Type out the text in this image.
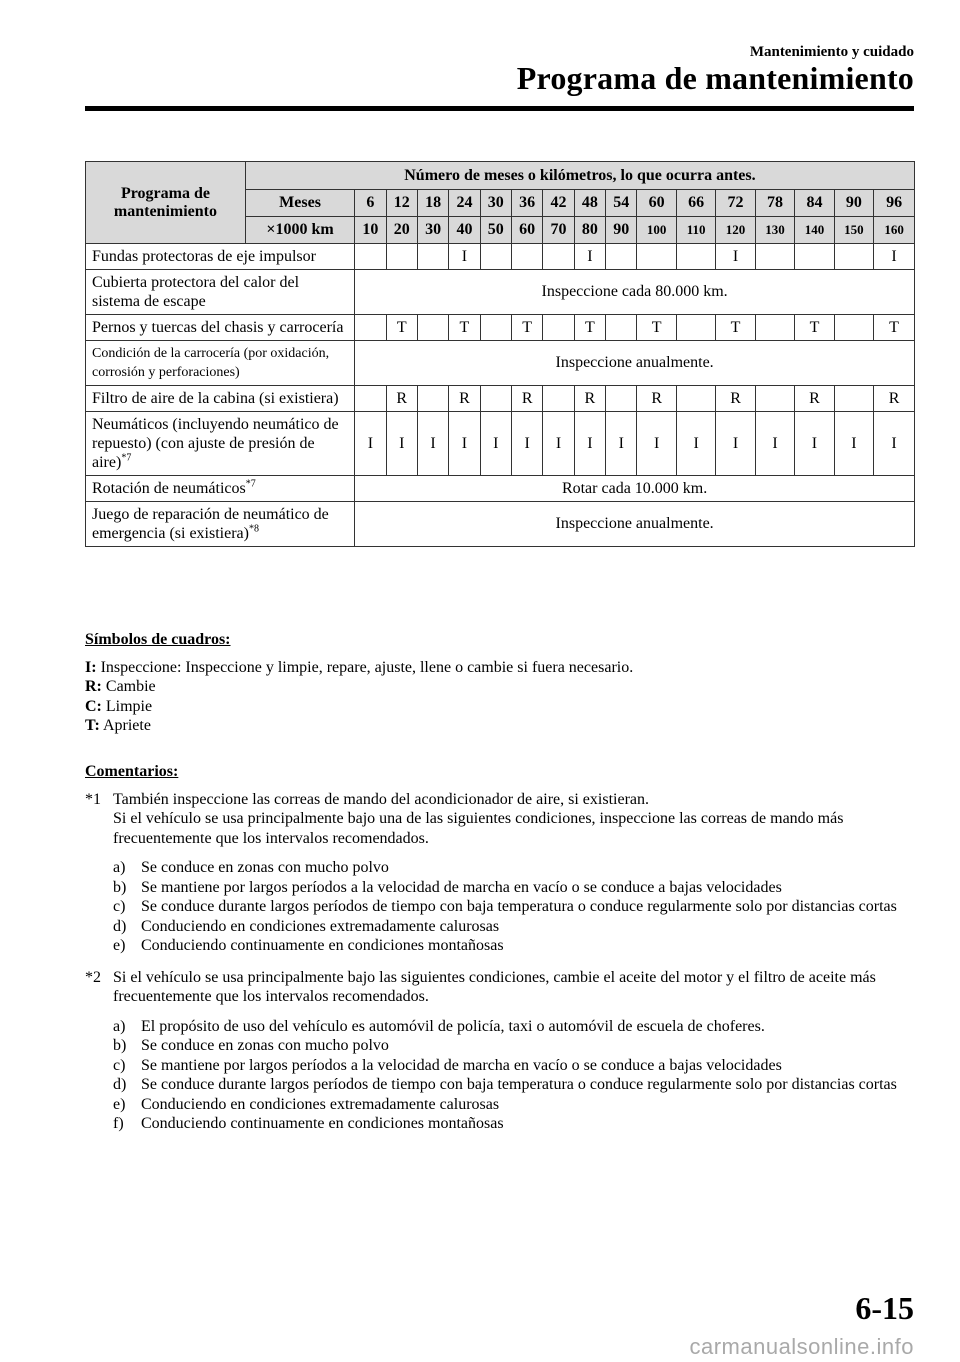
Mantenimiento y cuidado
Programa de mantenimiento
Programa de mantenimiento	Número de meses o kilómetros, lo que ocurra antes.																
	Meses	6	12	18	24	30	36	42	48	54	60	66	72	78	84	90	96
	×1000 km	10	20	30	40	50	60	70	80	90	100	110	120	130	140	150	160
Fundas protectoras de eje impulsor					I				I				I				I
Cubierta protectora del calor del sistema de escape		Inspeccione cada 80.000 km.															
Pernos y tuercas del chasis y carrocería			T		T		T		T		T		T		T		T
Condición de la carrocería (por oxidación, corrosión y perforaciones)		Inspeccione anualmente.															
Filtro de aire de la cabina (si existiera)			R		R		R		R		R		R		R		R
Neumáticos (incluyendo neumático de repuesto) (con ajuste de presión de aire)$^{*7}$		I	I	I	I	I	I	I	I	I	I	I	I	I	I	I	I
Rotación de neumáticos$^{*7}$		Rotar cada 10.000 km.															
Juego de reparación de neumático de emergencia (si existiera)$^{*8}$		Inspeccione anualmente.															
Símbolos de cuadros:
I: Inspeccione: Inspeccione y limpie, repare, ajuste, llene o cambie si fuera necesario.
R: Cambie
C: Limpie
T: Apriete
Comentarios:
*1 También inspeccione las correas de mando del acondicionador de aire, si existieran.
Si el vehículo se usa principalmente bajo una de las siguientes condiciones, inspeccione las correas de mando más frecuentemente que los intervalos recomendados.
a) Se conduce en zonas con mucho polvo
b) Se mantiene por largos períodos a la velocidad de marcha en vacío o se conduce a bajas velocidades
c) Se conduce durante largos períodos de tiempo con baja temperatura o conduce regularmente solo por distancias cortas
d) Conduciendo en condiciones extremadamente calurosas
e) Conduciendo continuamente en condiciones montañosas
*2 Si el vehículo se usa principalmente bajo las siguientes condiciones, cambie el aceite del motor y el filtro de aceite más frecuentemente que los intervalos recomendados.
a) El propósito de uso del vehículo es automóvil de policía, taxi o automóvil de escuela de choferes.
b) Se conduce en zonas con mucho polvo
c) Se mantiene por largos períodos a la velocidad de marcha en vacío o se conduce a bajas velocidades
d) Se conduce durante largos períodos de tiempo con baja temperatura o conduce regularmente solo por distancias cortas
e) Conduciendo en condiciones extremadamente calurosas
f)	Conduciendo continuamente en condiciones montañosas
6-15
carmanualsonline.info
